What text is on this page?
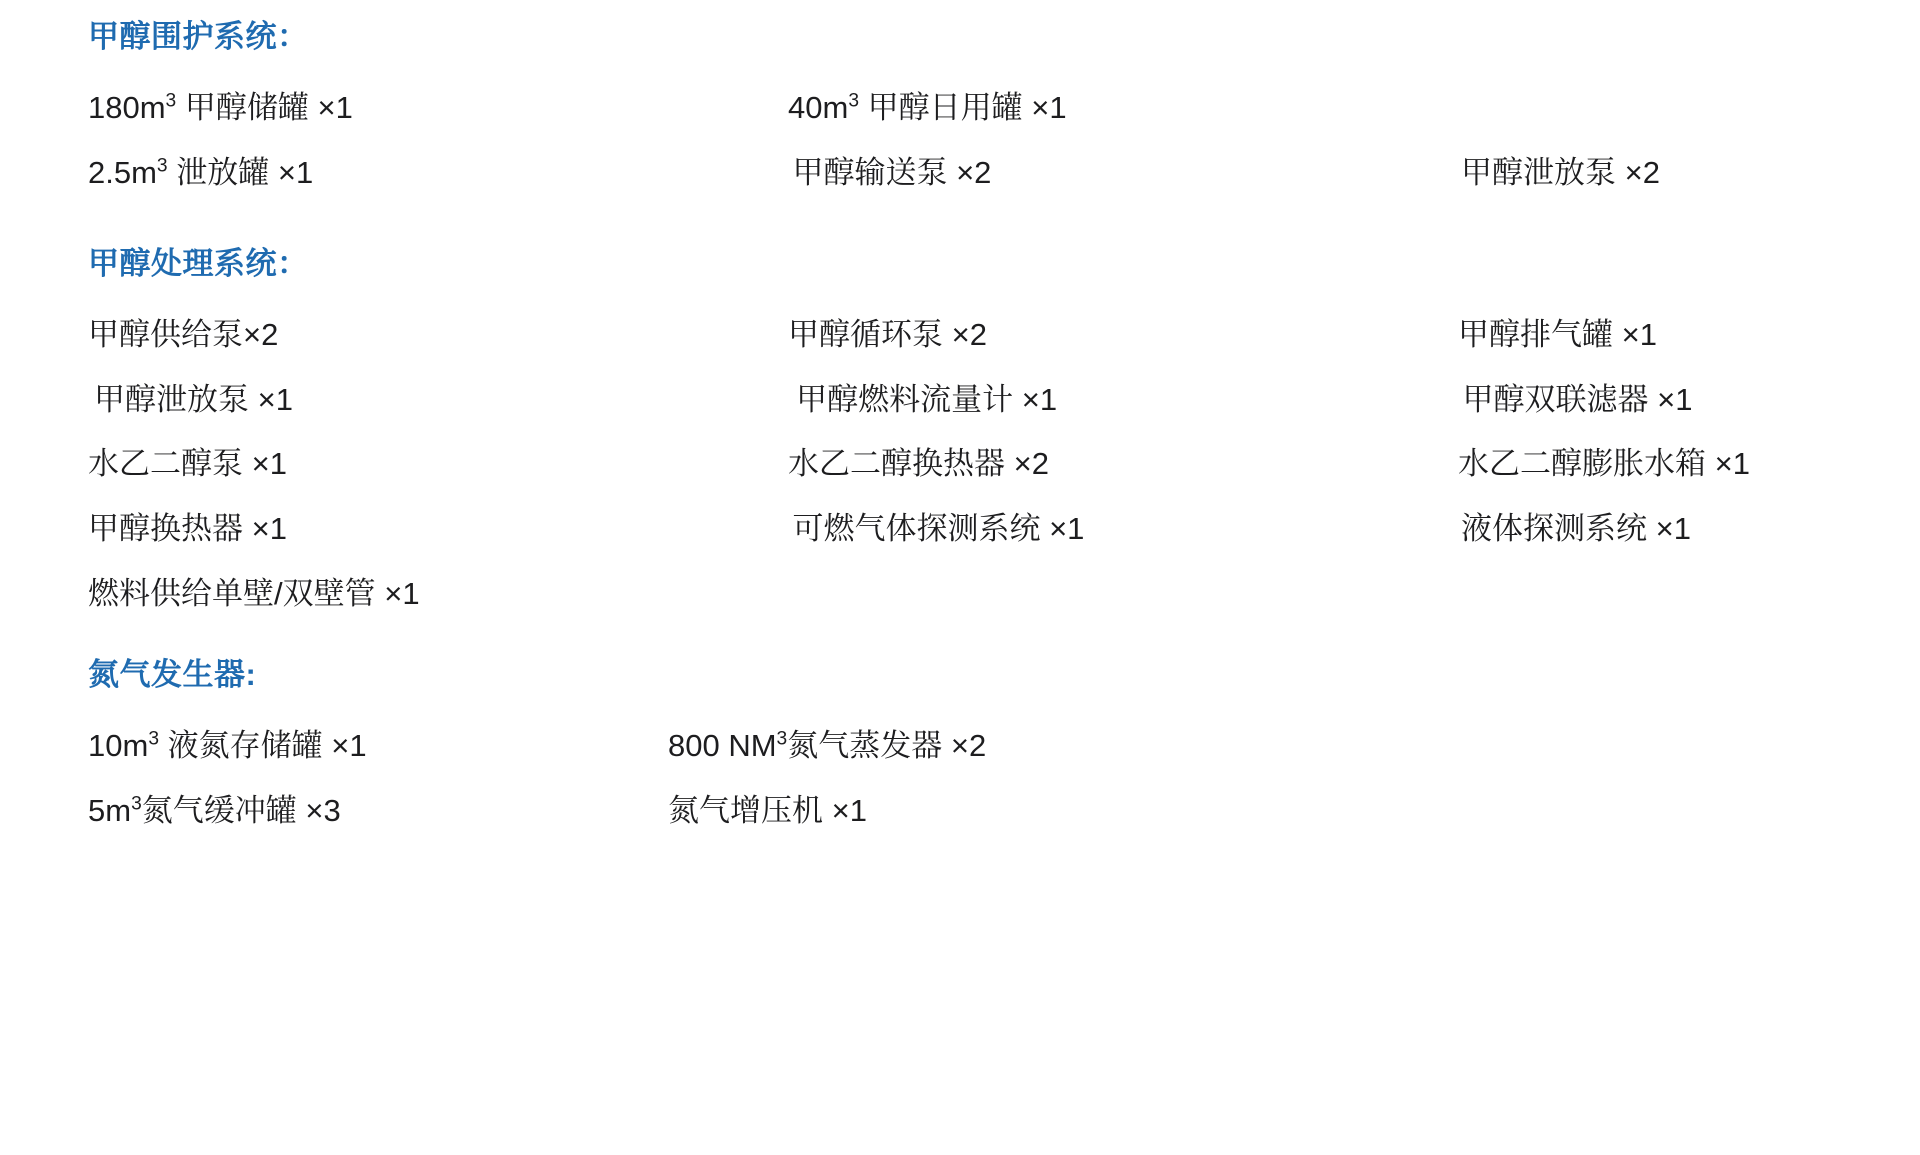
甲醇围护系统：
$180m^3$ 甲醇储罐 ×1	$40m^3$ 甲醇日用罐 ×1
$2.5m^3$ 泄放罐 ×1	甲醇输送泵 ×2	甲醇泄放泵 ×2
甲醇处理系统：
甲醇供给泵×2	甲醇循环泵 ×2	甲醇排气罐 ×1
甲醇泄放泵 ×1	甲醇燃料流量计 ×1	甲醇双联滤器 ×1
水乙二醇泵 ×1	水乙二醇换热器 ×2	水乙二醇膨胀水箱 ×1
甲醇换热器 ×1	可燃气体探测系统 ×1	液体探测系统 ×1
燃料供给单壁/双壁管 ×1
氮气发生器:
$10m^3$ 液氮存储罐 ×1	800 $NM^3$氮气蒸发器 ×2
$5m^3$氮气缓冲罐 ×3	氮气增压机 ×1
